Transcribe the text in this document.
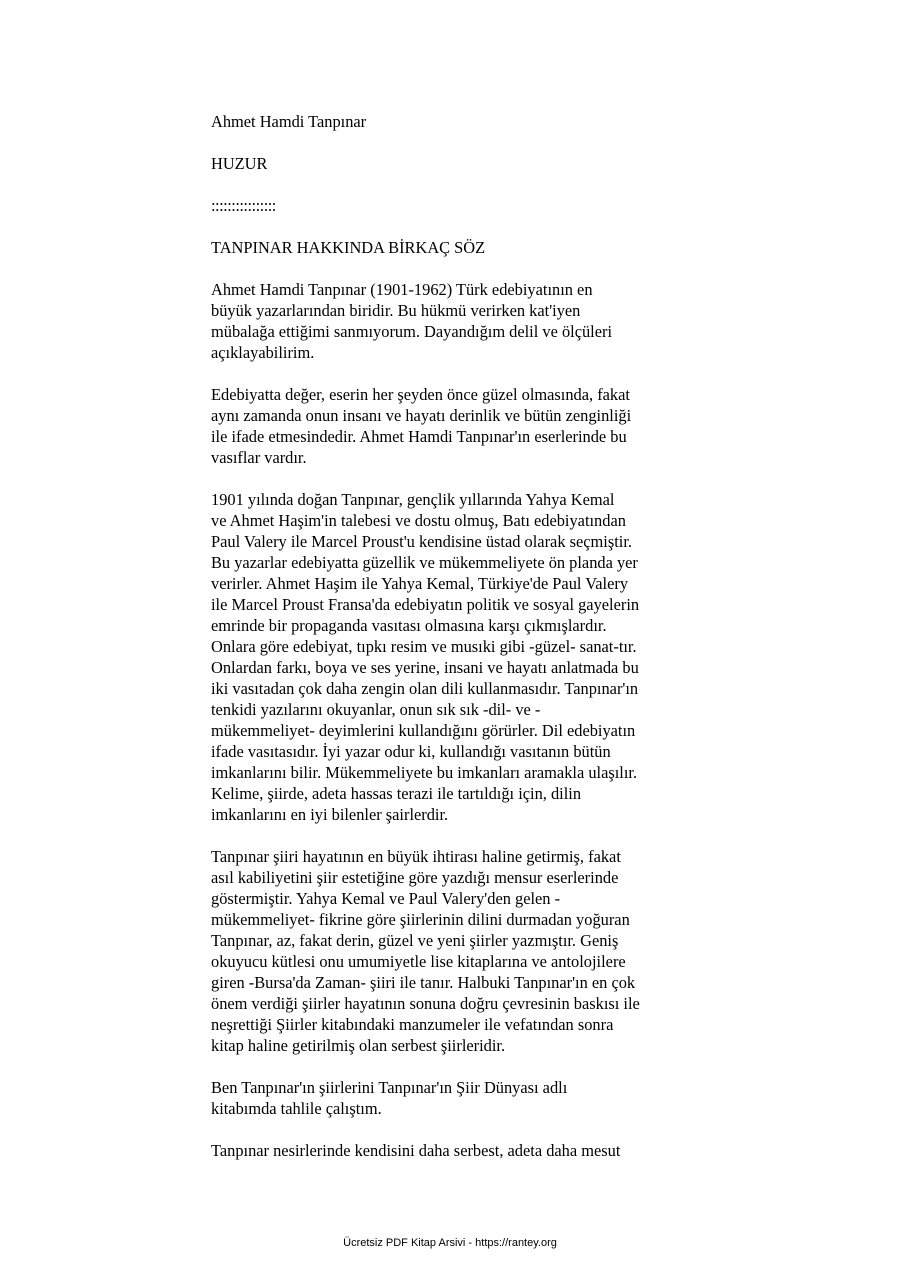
Ahmet Hamdi Tanpınar

HUZUR

::::::::::::::::

TANPINAR HAKKINDA BİRKAÇ SÖZ

Ahmet Hamdi Tanpınar (1901-1962) Türk edebiyatının en
büyük yazarlarından biridir. Bu hükmü verirken kat'iyen
mübalağa ettiğimi sanmıyorum. Dayandığım delil ve ölçüleri
açıklayabilirim.

Edebiyatta değer, eserin her şeyden önce güzel olmasında, fakat
aynı zamanda onun insanı ve hayatı derinlik ve bütün zenginliği
ile ifade etmesindedir. Ahmet Hamdi Tanpınar'ın eserlerinde bu
vasıflar vardır.

1901 yılında doğan Tanpınar, gençlik yıllarında Yahya Kemal
ve Ahmet Haşim'in talebesi ve dostu olmuş, Batı edebiyatından
Paul Valery ile Marcel Proust'u kendisine üstad olarak seçmiştir.
Bu yazarlar edebiyatta güzellik ve mükemmeliyete ön planda yer
verirler. Ahmet Haşim ile Yahya Kemal, Türkiye'de Paul Valery
ile Marcel Proust Fransa'da edebiyatın politik ve sosyal gayelerin
emrinde bir propaganda vasıtası olmasına karşı çıkmışlardır.
Onlara göre edebiyat, tıpkı resim ve musıki gibi -güzel- sanat-tır.
Onlardan farkı, boya ve ses yerine, insani ve hayatı anlatmada bu
iki vasıtadan çok daha zengin olan dili kullanmasıdır. Tanpınar'ın
tenkidi yazılarını okuyanlar, onun sık sık -dil- ve -
mükemmeliyet- deyimlerini kullandığını görürler. Dil edebiyatın
ifade vasıtasıdır. İyi yazar odur ki, kullandığı vasıtanın bütün
imkanlarını bilir. Mükemmeliyete bu imkanları aramakla ulaşılır.
Kelime, şiirde, adeta hassas terazi ile tartıldığı için, dilin
imkanlarını en iyi bilenler şairlerdir.

Tanpınar şiiri hayatının en büyük ihtirası haline getirmiş, fakat
asıl kabiliyetini şiir estetiğine göre yazdığı mensur eserlerinde
göstermiştir. Yahya Kemal ve Paul Valery'den gelen -
mükemmeliyet- fikrine göre şiirlerinin dilini durmadan yoğuran
Tanpınar, az, fakat derin, güzel ve yeni şiirler yazmıştır. Geniş
okuyucu kütlesi onu umumiyetle lise kitaplarına ve antolojilere
giren -Bursa'da Zaman- şiiri ile tanır. Halbuki Tanpınar'ın en çok
önem verdiği şiirler hayatının sonuna doğru çevresinin baskısı ile
neşrettiği Şiirler kitabındaki manzumeler ile vefatından sonra
kitap haline getirilmiş olan serbest şiirleridir.

Ben Tanpınar'ın şiirlerini Tanpınar'ın Şiir Dünyası adlı
kitabımda tahlile çalıştım.

Tanpınar nesirlerinde kendisini daha serbest, adeta daha mesut

Ücretsiz PDF Kitap Arsivi - https://rantey.org
